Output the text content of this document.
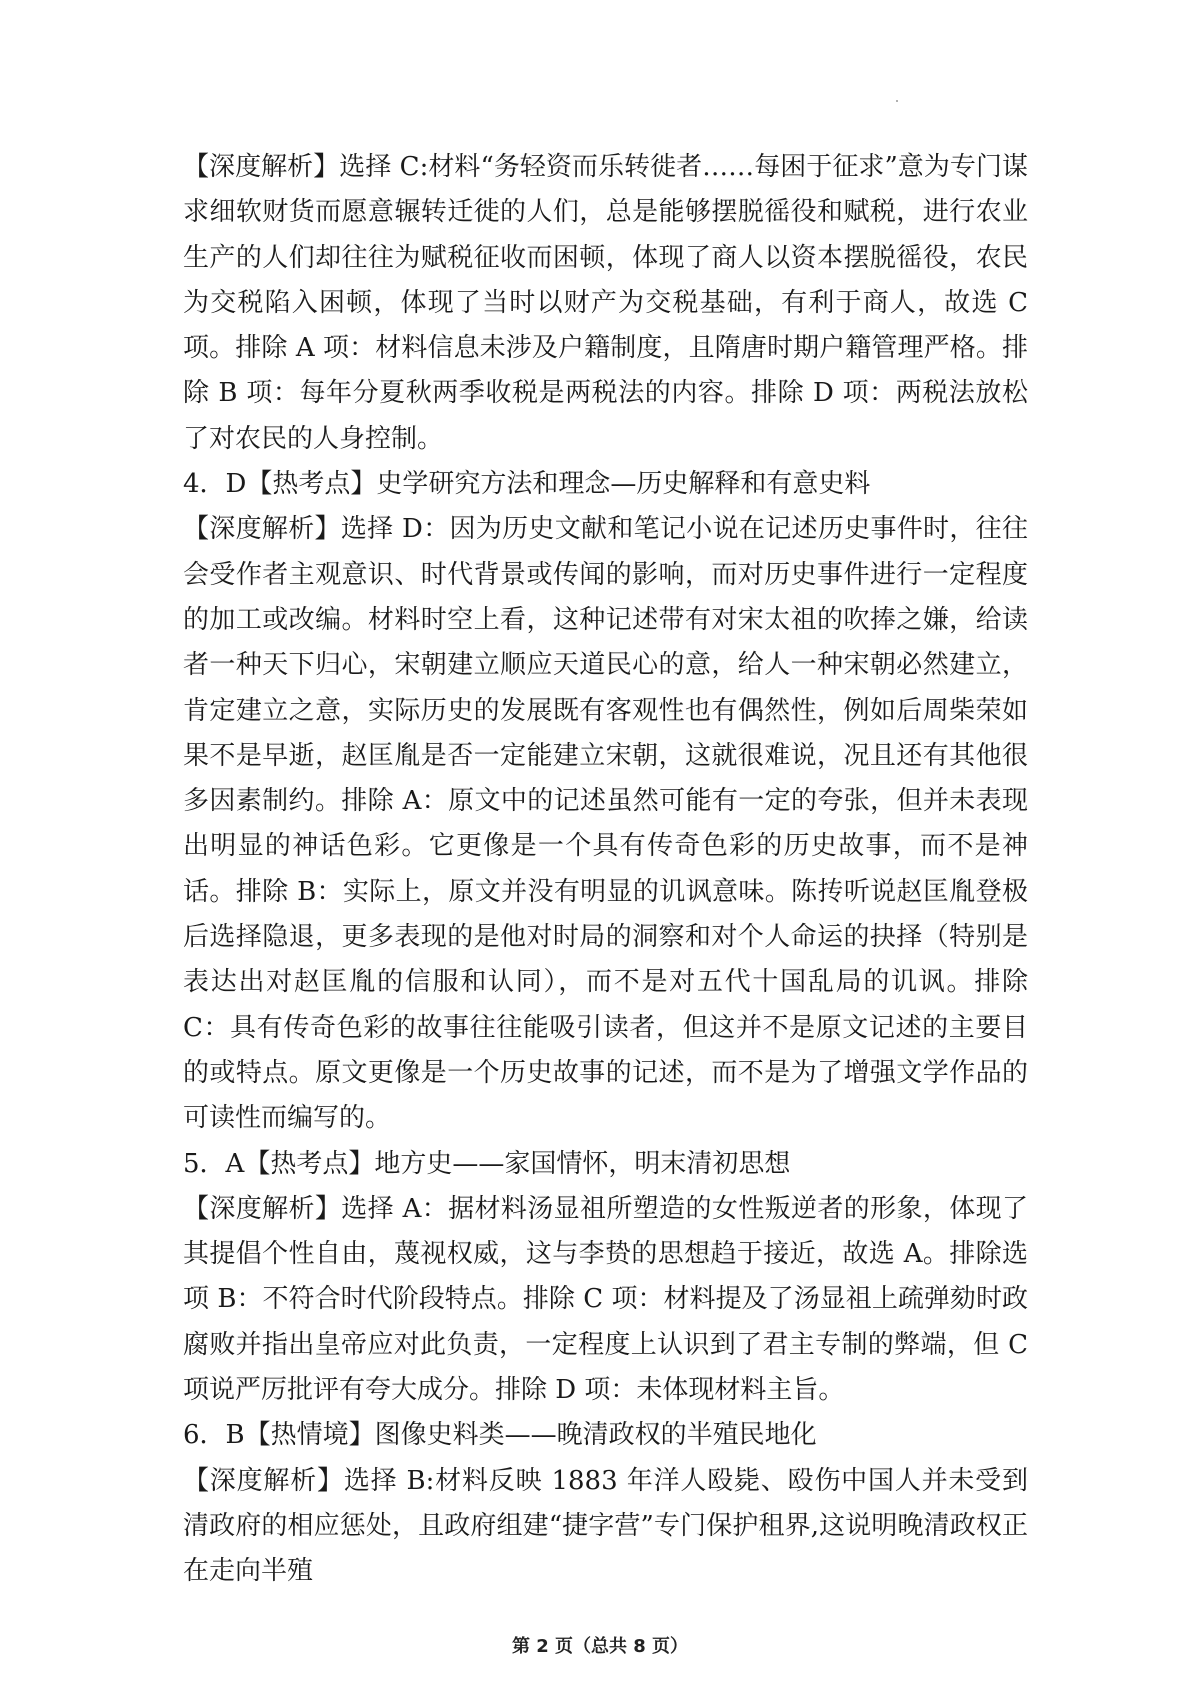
【深度解析】选择 C:材料“务轻资而乐转徙者……每困于征求”意为专门谋求细软财货而愿意辗转迁徙的人们，总是能够摆脱徭役和赋税，进行农业生产的人们却往往为赋税征收而困顿，体现了商人以资本摆脱徭役，农民为交税陷入困顿，体现了当时以财产为交税基础，有利于商人，故选 C 项。排除 A 项：材料信息未涉及户籍制度，且隋唐时期户籍管理严格。排除 B 项：每年分夏秋两季收税是两税法的内容。排除 D 项：两税法放松了对农民的人身控制。

4．D【热考点】史学研究方法和理念—历史解释和有意史料

【深度解析】选择 D：因为历史文献和笔记小说在记述历史事件时，往往会受作者主观意识、时代背景或传闻的影响，而对历史事件进行一定程度的加工或改编。材料时空上看，这种记述带有对宋太祖的吹捧之嫌，给读者一种天下归心，宋朝建立顺应天道民心的意，给人一种宋朝必然建立，肯定建立之意，实际历史的发展既有客观性也有偶然性，例如后周柴荣如果不是早逝，赵匡胤是否一定能建立宋朝，这就很难说，况且还有其他很多因素制约。排除 A：原文中的记述虽然可能有一定的夸张，但并未表现出明显的神话色彩。它更像是一个具有传奇色彩的历史故事，而不是神话。排除 B：实际上，原文并没有明显的讥讽意味。陈抟听说赵匡胤登极后选择隐退，更多表现的是他对时局的洞察和对个人命运的抉择（特别是表达出对赵匡胤的信服和认同），而不是对五代十国乱局的讥讽。排除 C：具有传奇色彩的故事往往能吸引读者，但这并不是原文记述的主要目的或特点。原文更像是一个历史故事的记述，而不是为了增强文学作品的可读性而编写的。

5．A【热考点】地方史——家国情怀，明末清初思想

【深度解析】选择 A：据材料汤显祖所塑造的女性叛逆者的形象，体现了其提倡个性自由，蔑视权威，这与李贽的思想趋于接近，故选 A。排除选项 B：不符合时代阶段特点。排除 C 项：材料提及了汤显祖上疏弹劾时政腐败并指出皇帝应对此负责，一定程度上认识到了君主专制的弊端，但 C 项说严厉批评有夸大成分。排除 D 项：未体现材料主旨。

6．B【热情境】图像史料类——晚清政权的半殖民地化

【深度解析】选择 B:材料反映 1883 年洋人殴毙、殴伤中国人并未受到清政府的相应惩处，且政府组建“捷字营”专门保护租界,这说明晚清政权正在走向半殖

第 2 页（总共 8 页）
